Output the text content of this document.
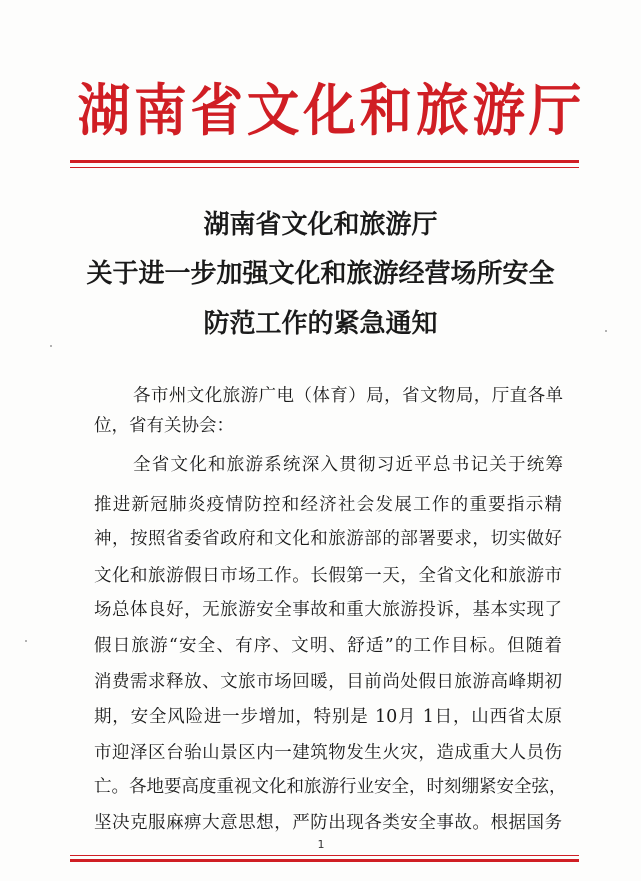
湖南省文化和旅游厅
湖南省文化和旅游厅
关于进一步加强文化和旅游经营场所安全
防范工作的紧急通知
各市州文化旅游广电（体育）局，省文物局，厅直各单
位，省有关协会：
全省文化和旅游系统深入贯彻习近平总书记关于统筹
推进新冠肺炎疫情防控和经济社会发展工作的重要指示精
神，按照省委省政府和文化和旅游部的部署要求，切实做好
文化和旅游假日市场工作。长假第一天，全省文化和旅游市
场总体良好，无旅游安全事故和重大旅游投诉，基本实现了
假日旅游“安全、有序、文明、舒适”的工作目标。但随着
消费需求释放、文旅市场回暖，目前尚处假日旅游高峰期初
期，安全风险进一步增加，特别是 10月 1日，山西省太原
市迎泽区台骀山景区内一建筑物发生火灾，造成重大人员伤
亡。各地要高度重视文化和旅游行业安全，时刻绷紧安全弦，
坚决克服麻痹大意思想，严防出现各类安全事故。根据国务
1
